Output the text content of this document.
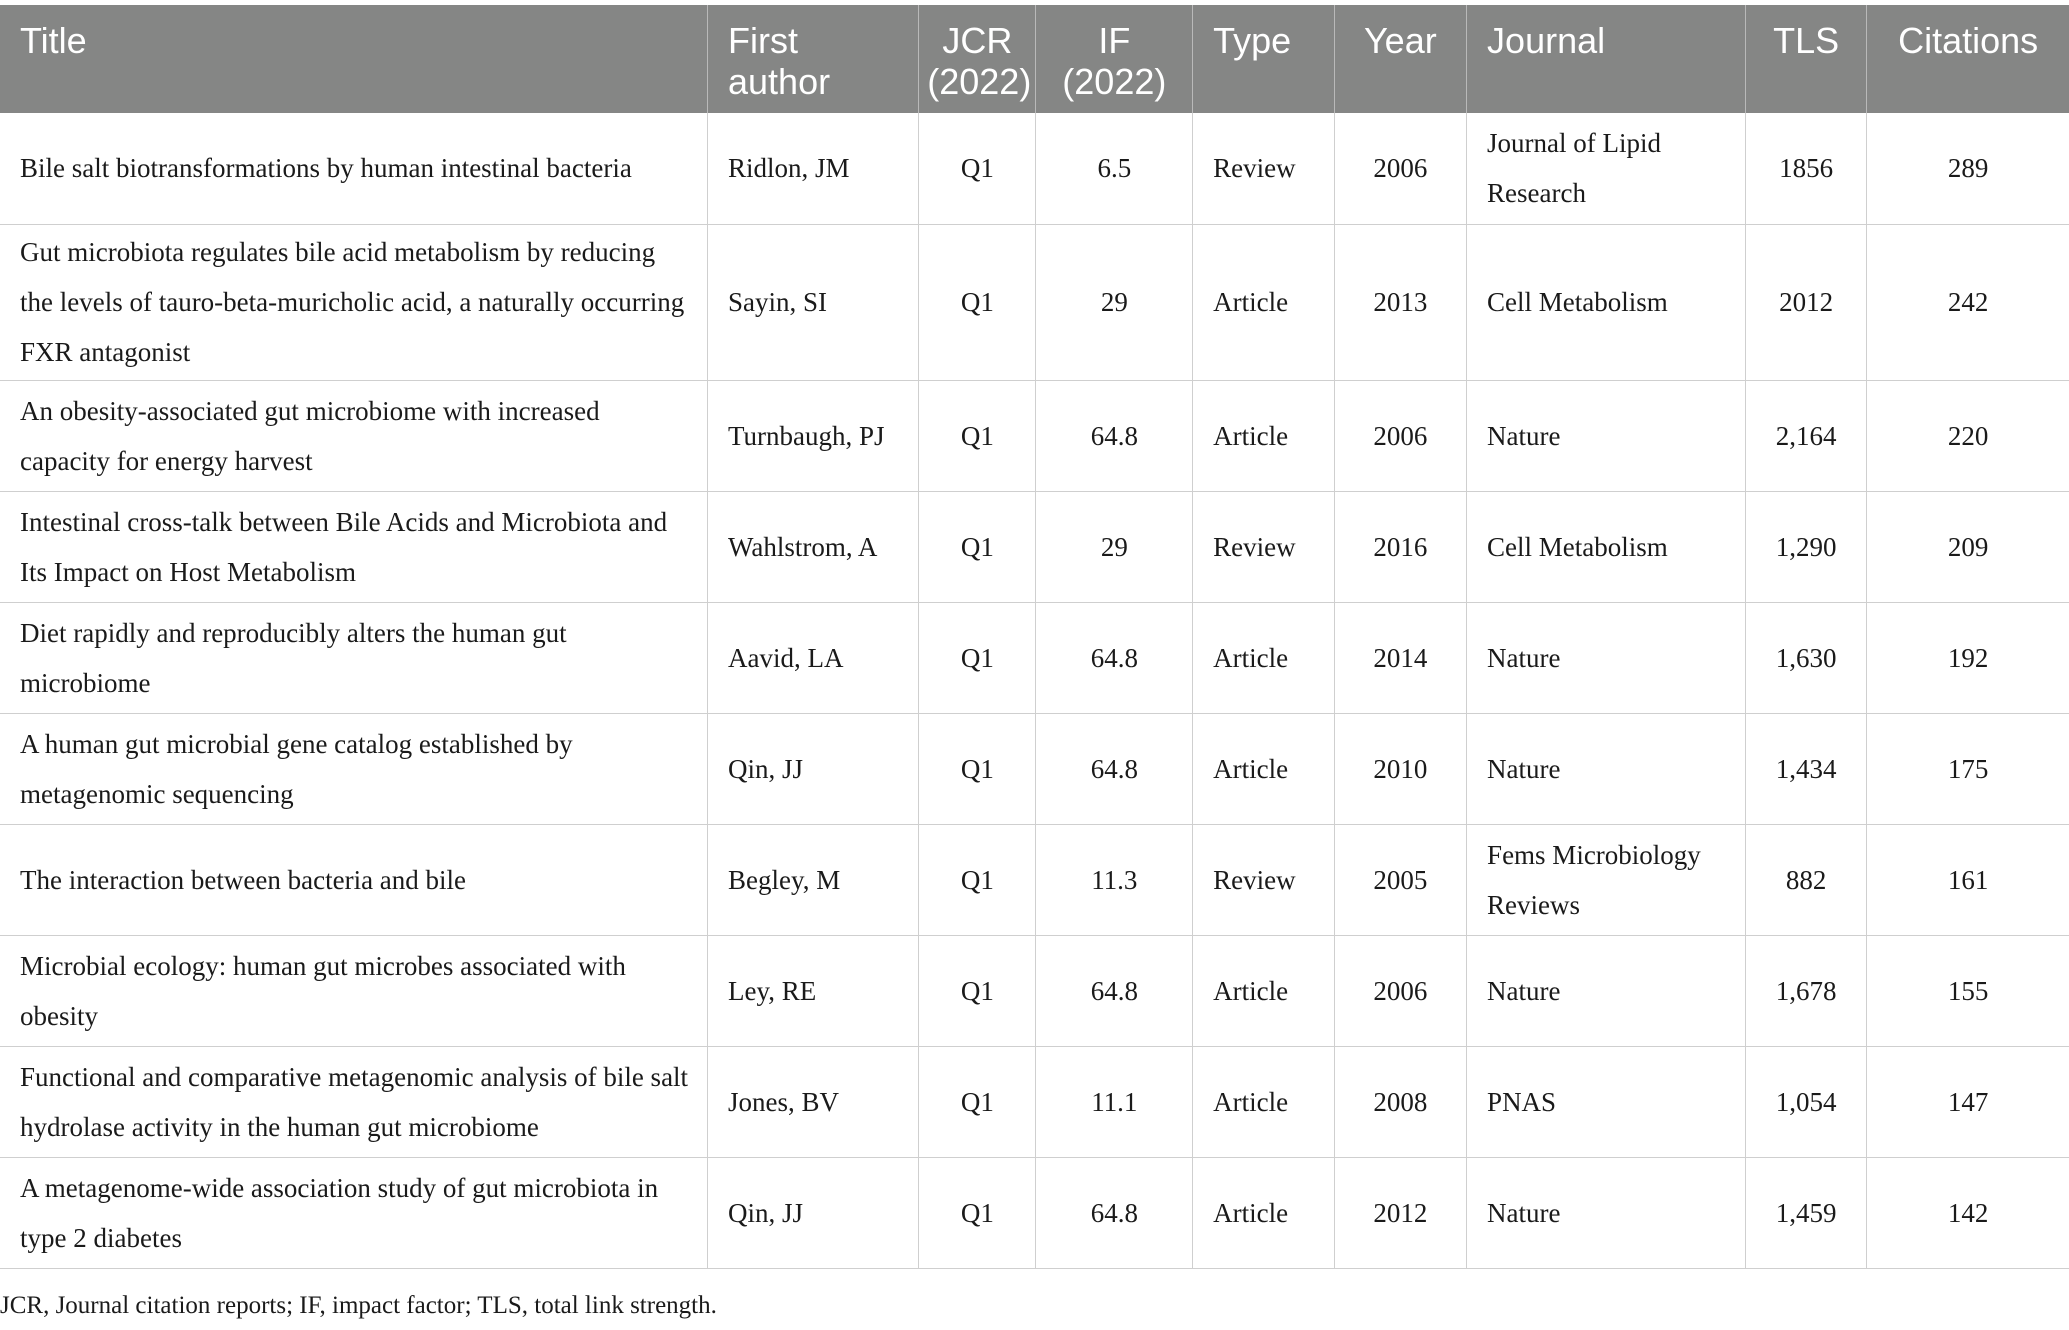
Title	First author	JCR (2022)	IF (2022)	Type	Year	Journal	TLS	Citations
Bile salt biotransformations by human intestinal bacteria	Ridlon, JM	Q1	6.5	Review	2006	Journal of Lipid Research	1856	289
Gut microbiota regulates bile acid metabolism by reducing the levels of tauro-beta-muricholic acid, a naturally occurring FXR antagonist	Sayin, SI	Q1	29	Article	2013	Cell Metabolism	2012	242
An obesity-associated gut microbiome with increased capacity for energy harvest	Turnbaugh, PJ	Q1	64.8	Article	2006	Nature	2,164	220
Intestinal cross-talk between Bile Acids and Microbiota and Its Impact on Host Metabolism	Wahlstrom, A	Q1	29	Review	2016	Cell Metabolism	1,290	209
Diet rapidly and reproducibly alters the human gut microbiome	Aavid, LA	Q1	64.8	Article	2014	Nature	1,630	192
A human gut microbial gene catalog established by metagenomic sequencing	Qin, JJ	Q1	64.8	Article	2010	Nature	1,434	175
The interaction between bacteria and bile	Begley, M	Q1	11.3	Review	2005	Fems Microbiology Reviews	882	161
Microbial ecology: human gut microbes associated with obesity	Ley, RE	Q1	64.8	Article	2006	Nature	1,678	155
Functional and comparative metagenomic analysis of bile salt hydrolase activity in the human gut microbiome	Jones, BV	Q1	11.1	Article	2008	PNAS	1,054	147
A metagenome-wide association study of gut microbiota in type 2 diabetes	Qin, JJ	Q1	64.8	Article	2012	Nature	1,459	142
JCR, Journal citation reports; IF, impact factor; TLS, total link strength.
